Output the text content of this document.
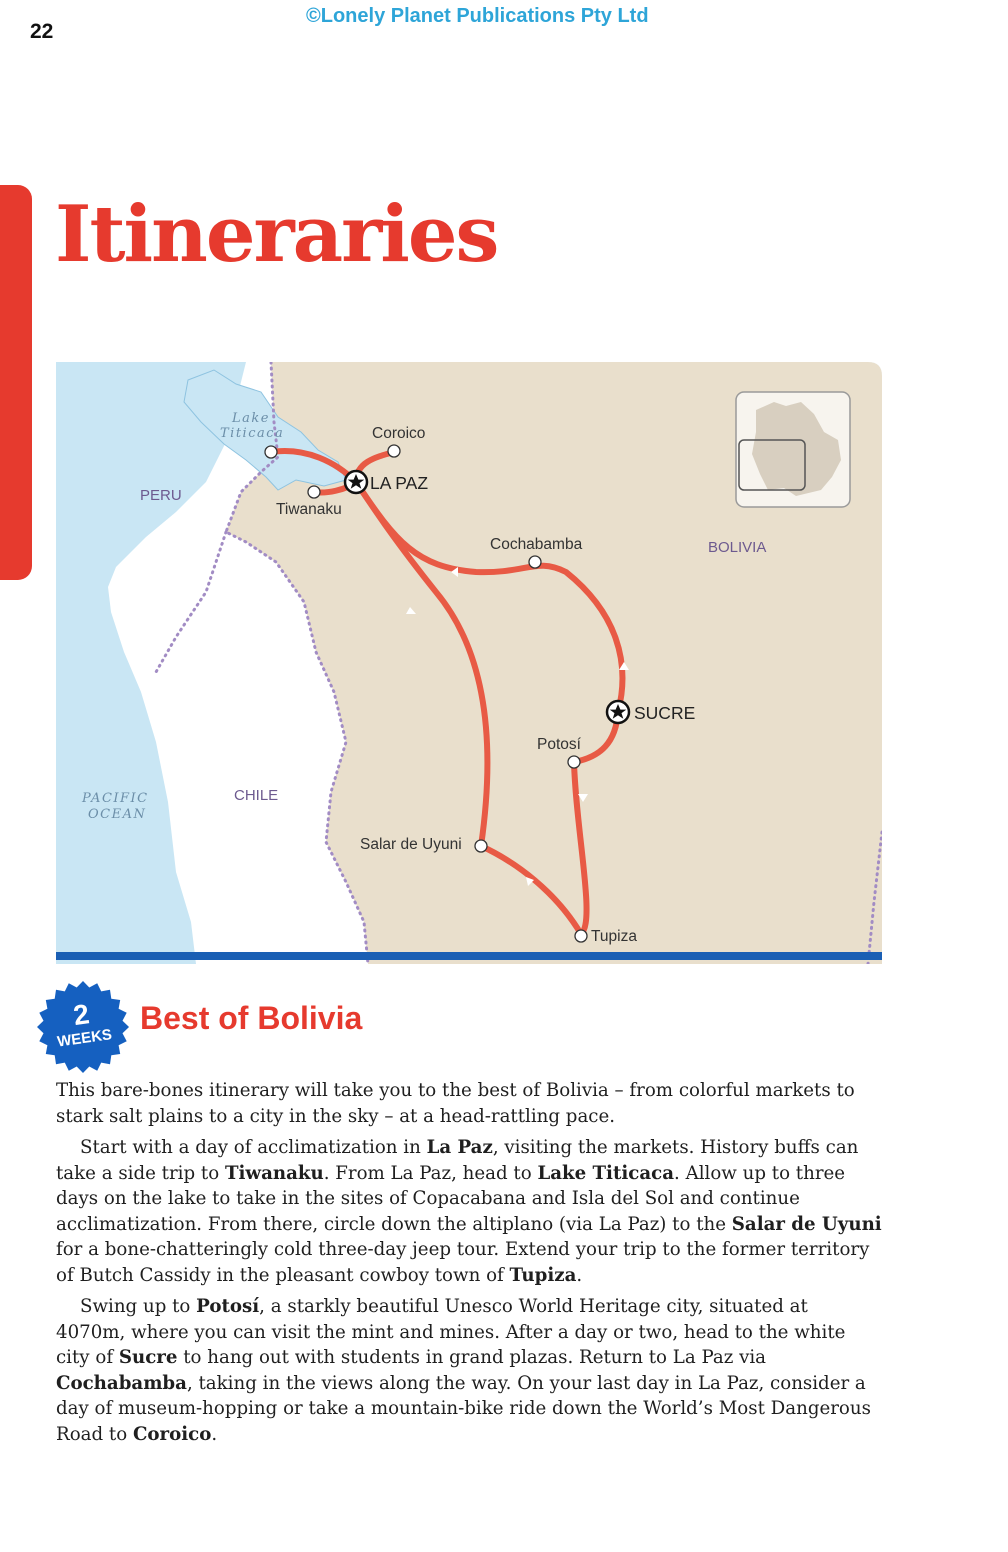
22
©Lonely Planet Publications Pty Ltd
Itineraries
PERU
BOLIVIA
CHILE
Lake
Titicaca
PACIFIC
OCEAN
Coroico
LA PAZ
Tiwanaku
Cochabamba
SUCRE
Potosí
Salar de Uyuni
Tupiza
2
WEEKS
Best of Bolivia

This bare-bones itinerary will take you to the best of Bolivia – from colorful markets to stark salt plains to a city in the sky – at a head-rattling pace.

Start with a day of acclimatization in La Paz, visiting the markets. History buffs can take a side trip to Tiwanaku. From La Paz, head to Lake Titicaca. Allow up to three days on the lake to take in the sites of Copacabana and Isla del Sol and continue acclimatization. From there, circle down the altiplano (via La Paz) to the Salar de Uyuni for a bone-chatteringly cold three-day jeep tour. Extend your trip to the former territory of Butch Cassidy in the pleasant cowboy town of Tupiza.

Swing up to Potosí, a starkly beautiful Unesco World Heritage city, situated at 4070m, where you can visit the mint and mines. After a day or two, head to the white city of Sucre to hang out with students in grand plazas. Return to La Paz via Cochabamba, taking in the views along the way. On your last day in La Paz, consider a day of museum-hopping or take a mountain-bike ride down the World’s Most Dangerous Road to Coroico.
